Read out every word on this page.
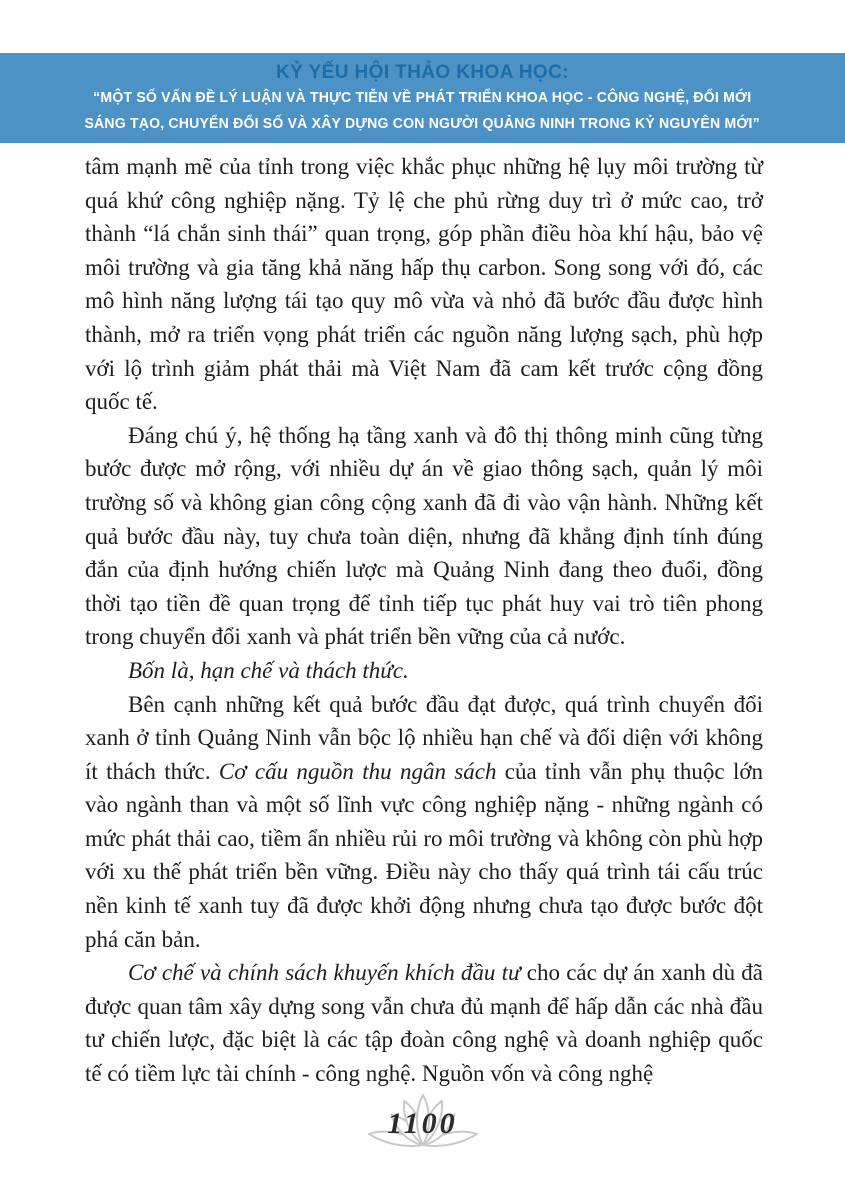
KỶ YẾU HỘI THẢO KHOA HỌC:
“MỘT SỐ VẤN ĐỀ LÝ LUẬN VÀ THỰC TIỄN VỀ PHÁT TRIỂN KHOA HỌC - CÔNG NGHỆ, ĐỔI MỚI
SÁNG TẠO, CHUYỂN ĐỔI SỐ VÀ XÂY DỰNG CON NGƯỜI QUẢNG NINH TRONG KỶ NGUYÊN MỚI”

tâm mạnh mẽ của tỉnh trong việc khắc phục những hệ lụy môi trường từ quá khứ công nghiệp nặng. Tỷ lệ che phủ rừng duy trì ở mức cao, trở thành “lá chắn sinh thái” quan trọng, góp phần điều hòa khí hậu, bảo vệ môi trường và gia tăng khả năng hấp thụ carbon. Song song với đó, các mô hình năng lượng tái tạo quy mô vừa và nhỏ đã bước đầu được hình thành, mở ra triển vọng phát triển các nguồn năng lượng sạch, phù hợp với lộ trình giảm phát thải mà Việt Nam đã cam kết trước cộng đồng quốc tế.

Đáng chú ý, hệ thống hạ tầng xanh và đô thị thông minh cũng từng bước được mở rộng, với nhiều dự án về giao thông sạch, quản lý môi trường số và không gian công cộng xanh đã đi vào vận hành. Những kết quả bước đầu này, tuy chưa toàn diện, nhưng đã khẳng định tính đúng đắn của định hướng chiến lược mà Quảng Ninh đang theo đuổi, đồng thời tạo tiền đề quan trọng để tỉnh tiếp tục phát huy vai trò tiên phong trong chuyển đổi xanh và phát triển bền vững của cả nước.

Bốn là, hạn chế và thách thức.

Bên cạnh những kết quả bước đầu đạt được, quá trình chuyển đổi xanh ở tỉnh Quảng Ninh vẫn bộc lộ nhiều hạn chế và đối diện với không ít thách thức. Cơ cấu nguồn thu ngân sách của tỉnh vẫn phụ thuộc lớn vào ngành than và một số lĩnh vực công nghiệp nặng - những ngành có mức phát thải cao, tiềm ẩn nhiều rủi ro môi trường và không còn phù hợp với xu thế phát triển bền vững. Điều này cho thấy quá trình tái cấu trúc nền kinh tế xanh tuy đã được khởi động nhưng chưa tạo được bước đột phá căn bản.

Cơ chế và chính sách khuyến khích đầu tư cho các dự án xanh dù đã được quan tâm xây dựng song vẫn chưa đủ mạnh để hấp dẫn các nhà đầu tư chiến lược, đặc biệt là các tập đoàn công nghệ và doanh nghiệp quốc tế có tiềm lực tài chính - công nghệ. Nguồn vốn và công nghệ

1100
